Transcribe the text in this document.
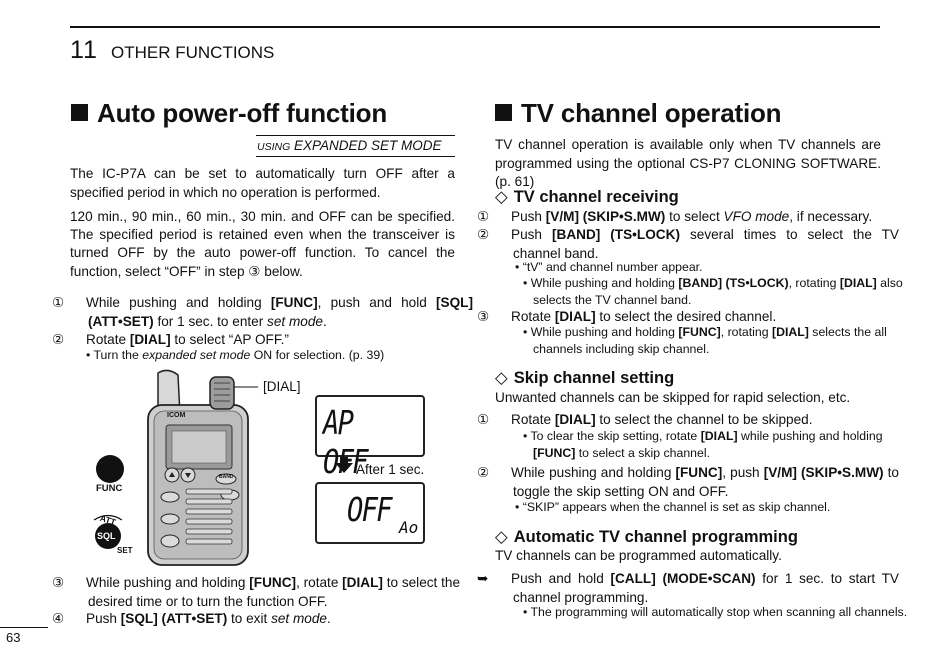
11 OTHER FUNCTIONS
Auto power-off function
USING EXPANDED SET MODE
The IC-P7A can be set to automatically turn OFF after a specified period in which no operation is performed.
120 min., 90 min., 60 min., 30 min. and OFF can be specified. The specified period is retained even when the transceiver is turned OFF by the auto power-off function. To cancel the function, select “OFF” in step ③ below.
① While pushing and holding [FUNC], push and hold [SQL] (ATT•SET) for 1 sec. to enter set mode.
② Rotate [DIAL] to select “AP OFF.”
• Turn the expanded set mode ON for selection. (p. 39)
ICOM
BAND
[DIAL]
FUNC
ATT
SQL
SET
AP OFF
After 1 sec.
OFF Ao
③ While pushing and holding [FUNC], rotate [DIAL] to select the desired time or to turn the function OFF.
④ Push [SQL] (ATT•SET) to exit set mode.
TV channel operation
TV channel operation is available only when TV channels are programmed using the optional CS-P7 CLONING SOFTWARE. (p. 61)
◇ TV channel receiving
① Push [V/M] (SKIP•S.MW) to select VFO mode, if necessary.
② Push [BAND] (TS•LOCK) several times to select the TV channel band.
• “tV” and channel number appear.
• While pushing and holding [BAND] (TS•LOCK), rotating [DIAL] also selects the TV channel band.
③ Rotate [DIAL] to select the desired channel.
• While pushing and holding [FUNC], rotating [DIAL] selects the all channels including skip channel.
◇ Skip channel setting
Unwanted channels can be skipped for rapid selection, etc.
① Rotate [DIAL] to select the channel to be skipped.
• To clear the skip setting, rotate [DIAL] while pushing and holding [FUNC] to select a skip channel.
② While pushing and holding [FUNC], push [V/M] (SKIP•S.MW) to toggle the skip setting ON and OFF.
• “SKIP” appears when the channel is set as skip channel.
◇ Automatic TV channel programming
TV channels can be programmed automatically.
➥ Push and hold [CALL] (MODE•SCAN) for 1 sec. to start TV channel programming.
• The programming will automatically stop when scanning all channels.
63
